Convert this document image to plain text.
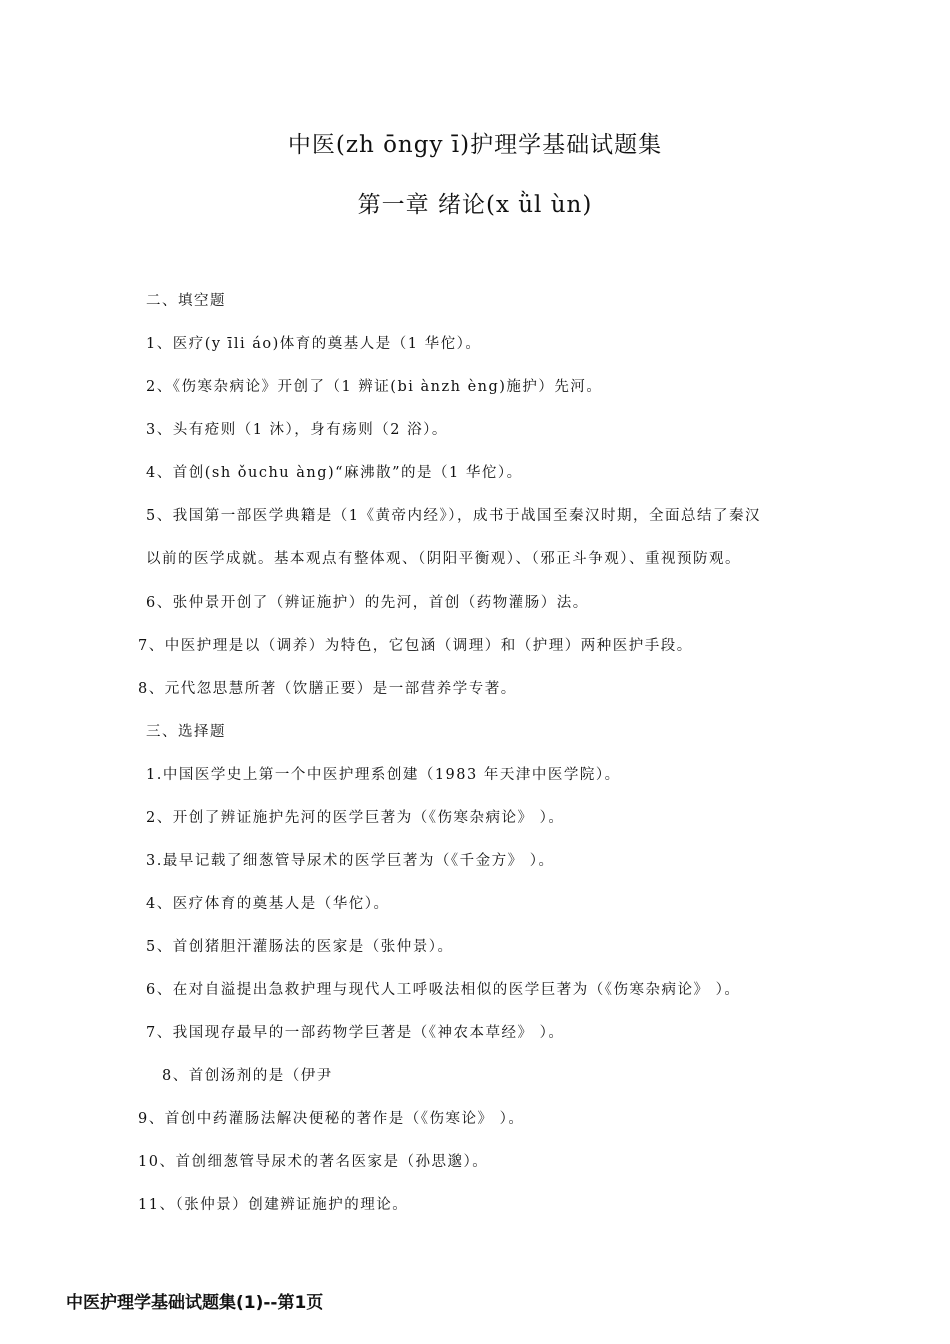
中医(zh ōngy ī)护理学基础试题集
第一章 绪论(x ǜl ùn)
二、填空题
1、医疗(y īli áo)体育的奠基人是（1 华佗）。
2、《伤寒杂病论》开创了（1 辨证(bi ànzh èng)施护）先河。
3、头有疮则（1 沐），身有疡则（2 浴）。
4、首创(sh ǒuchu àng)“麻沸散”的是（1 华佗）。
5、我国第一部医学典籍是（1《黄帝内经》），成书于战国至秦汉时期，全面总结了秦汉
以前的医学成就。基本观点有整体观、（阴阳平衡观）、（邪正斗争观）、重视预防观。
6、张仲景开创了（辨证施护）的先河，首创（药物灌肠）法。
7、中医护理是以（调养）为特色，它包涵（调理）和（护理）两种医护手段。
8、元代忽思慧所著（饮膳正要）是一部营养学专著。
三、选择题
1.中国医学史上第一个中医护理系创建（1983 年天津中医学院）。
2、开创了辨证施护先河的医学巨著为（《伤寒杂病论》 ）。
3.最早记载了细葱管导尿术的医学巨著为（《千金方》 ）。
4、医疗体育的奠基人是（华佗）。
5、首创猪胆汗灌肠法的医家是（张仲景）。
6、在对自溢提出急救护理与现代人工呼吸法相似的医学巨著为（《伤寒杂病论》 ）。
7、我国现存最早的一部药物学巨著是（《神农本草经》 ）。
8、首创汤剂的是（伊尹
9、首创中药灌肠法解决便秘的著作是（《伤寒论》 ）。
10、首创细葱管导尿术的著名医家是（孙思邈）。
11、（张仲景）创建辨证施护的理论。
中医护理学基础试题集(1)--第1页
